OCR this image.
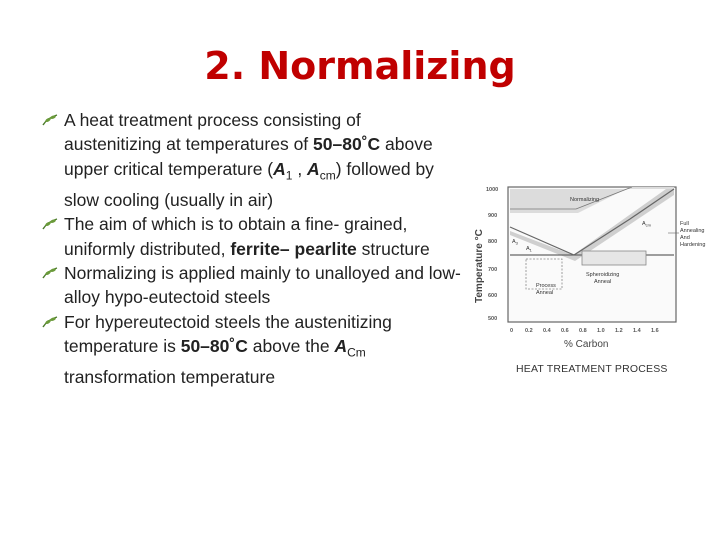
2. Normalizing
A heat treatment process consisting of austenitizing at temperatures of 50–80˚C above upper critical temperature ($A_1$ , $A_{cm}$) followed by slow cooling (usually in air)
The aim of which is to obtain a fine- grained, uniformly distributed, ferrite– pearlite structure
Normalizing is applied mainly to unalloyed and low-alloy hypo-eutectoid steels
For hypereutectoid steels the austenitizing temperature is 50–80˚C above the $A_{Cm}$ transformation temperature
Temperature °C
1000
900
800
700
600
500
Normalizing
$A_{cm}$
$A_3$
$A_1$
Process
Anneal
Spheroidizing
Anneal
Full
Annealing
And
Hardening
0 0.2 0.4 0.6 0.8 1.0 1.2 1.4 1.6
% Carbon
HEAT TREATMENT PROCESS
